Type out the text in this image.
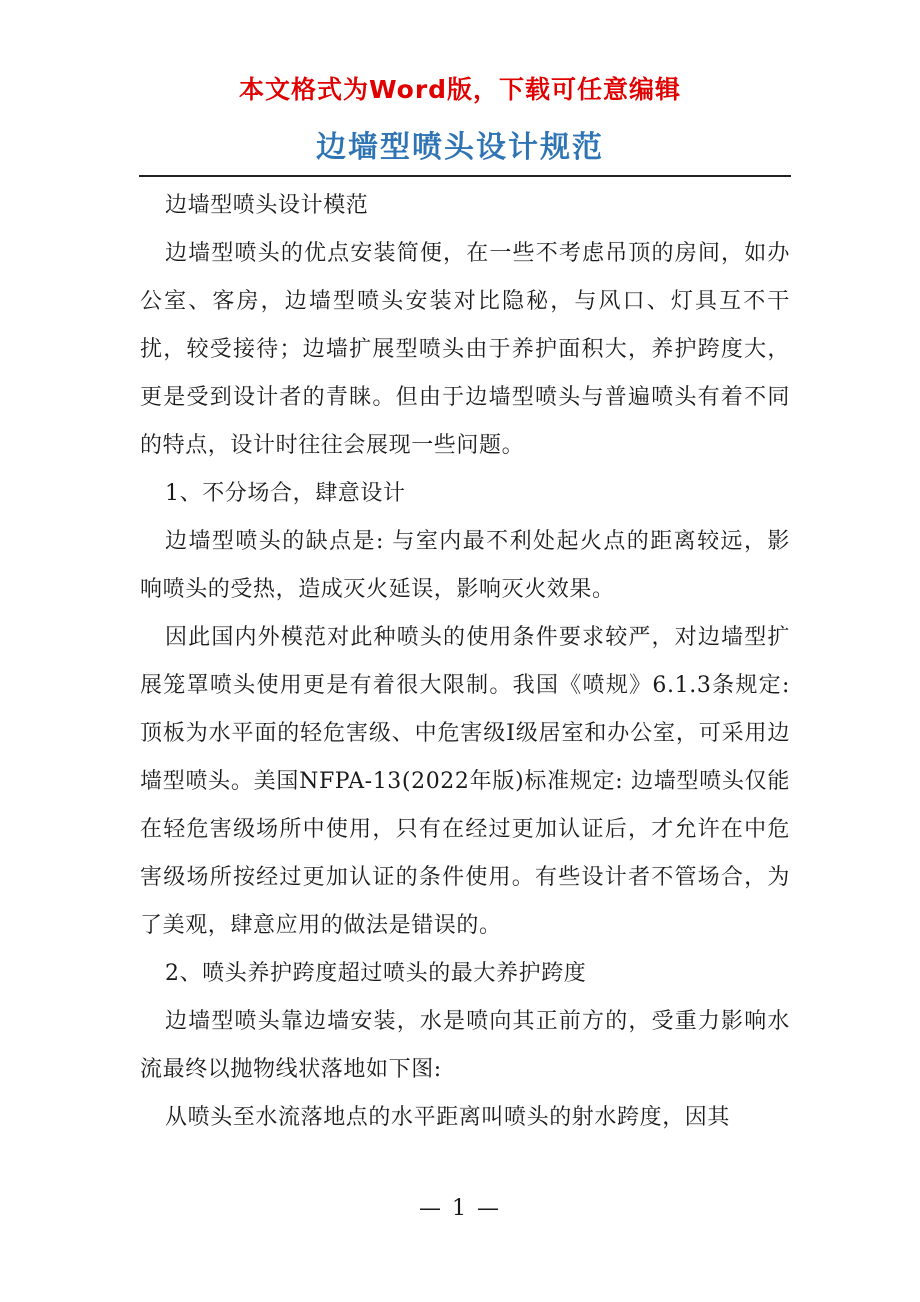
本文格式为Word版，下载可任意编辑
边墙型喷头设计规范

边墙型喷头设计模范

边墙型喷头的优点安装简便，在一些不考虑吊顶的房间，如办公室、客房，边墙型喷头安装对比隐秘，与风口、灯具互不干扰，较受接待；边墙扩展型喷头由于养护面积大，养护跨度大，更是受到设计者的青睐。但由于边墙型喷头与普遍喷头有着不同的特点，设计时往往会展现一些问题。

1、不分场合，肆意设计

边墙型喷头的缺点是: 与室内最不利处起火点的距离较远，影响喷头的受热，造成灭火延误，影响灭火效果。

因此国内外模范对此种喷头的使用条件要求较严，对边墙型扩展笼罩喷头使用更是有着很大限制。我国《喷规》6.1.3条规定: 顶板为水平面的轻危害级、中危害级Ⅰ级居室和办公室，可采用边墙型喷头。美国NFPA-13(2022年版)标准规定: 边墙型喷头仅能在轻危害级场所中使用，只有在经过更加认证后，才允许在中危害级场所按经过更加认证的条件使用。有些设计者不管场合，为了美观，肆意应用的做法是错误的。

2、喷头养护跨度超过喷头的最大养护跨度

边墙型喷头靠边墙安装，水是喷向其正前方的，受重力影响水流最终以抛物线状落地如下图:

从喷头至水流落地点的水平距离叫喷头的射水跨度，因其

— 1 —
